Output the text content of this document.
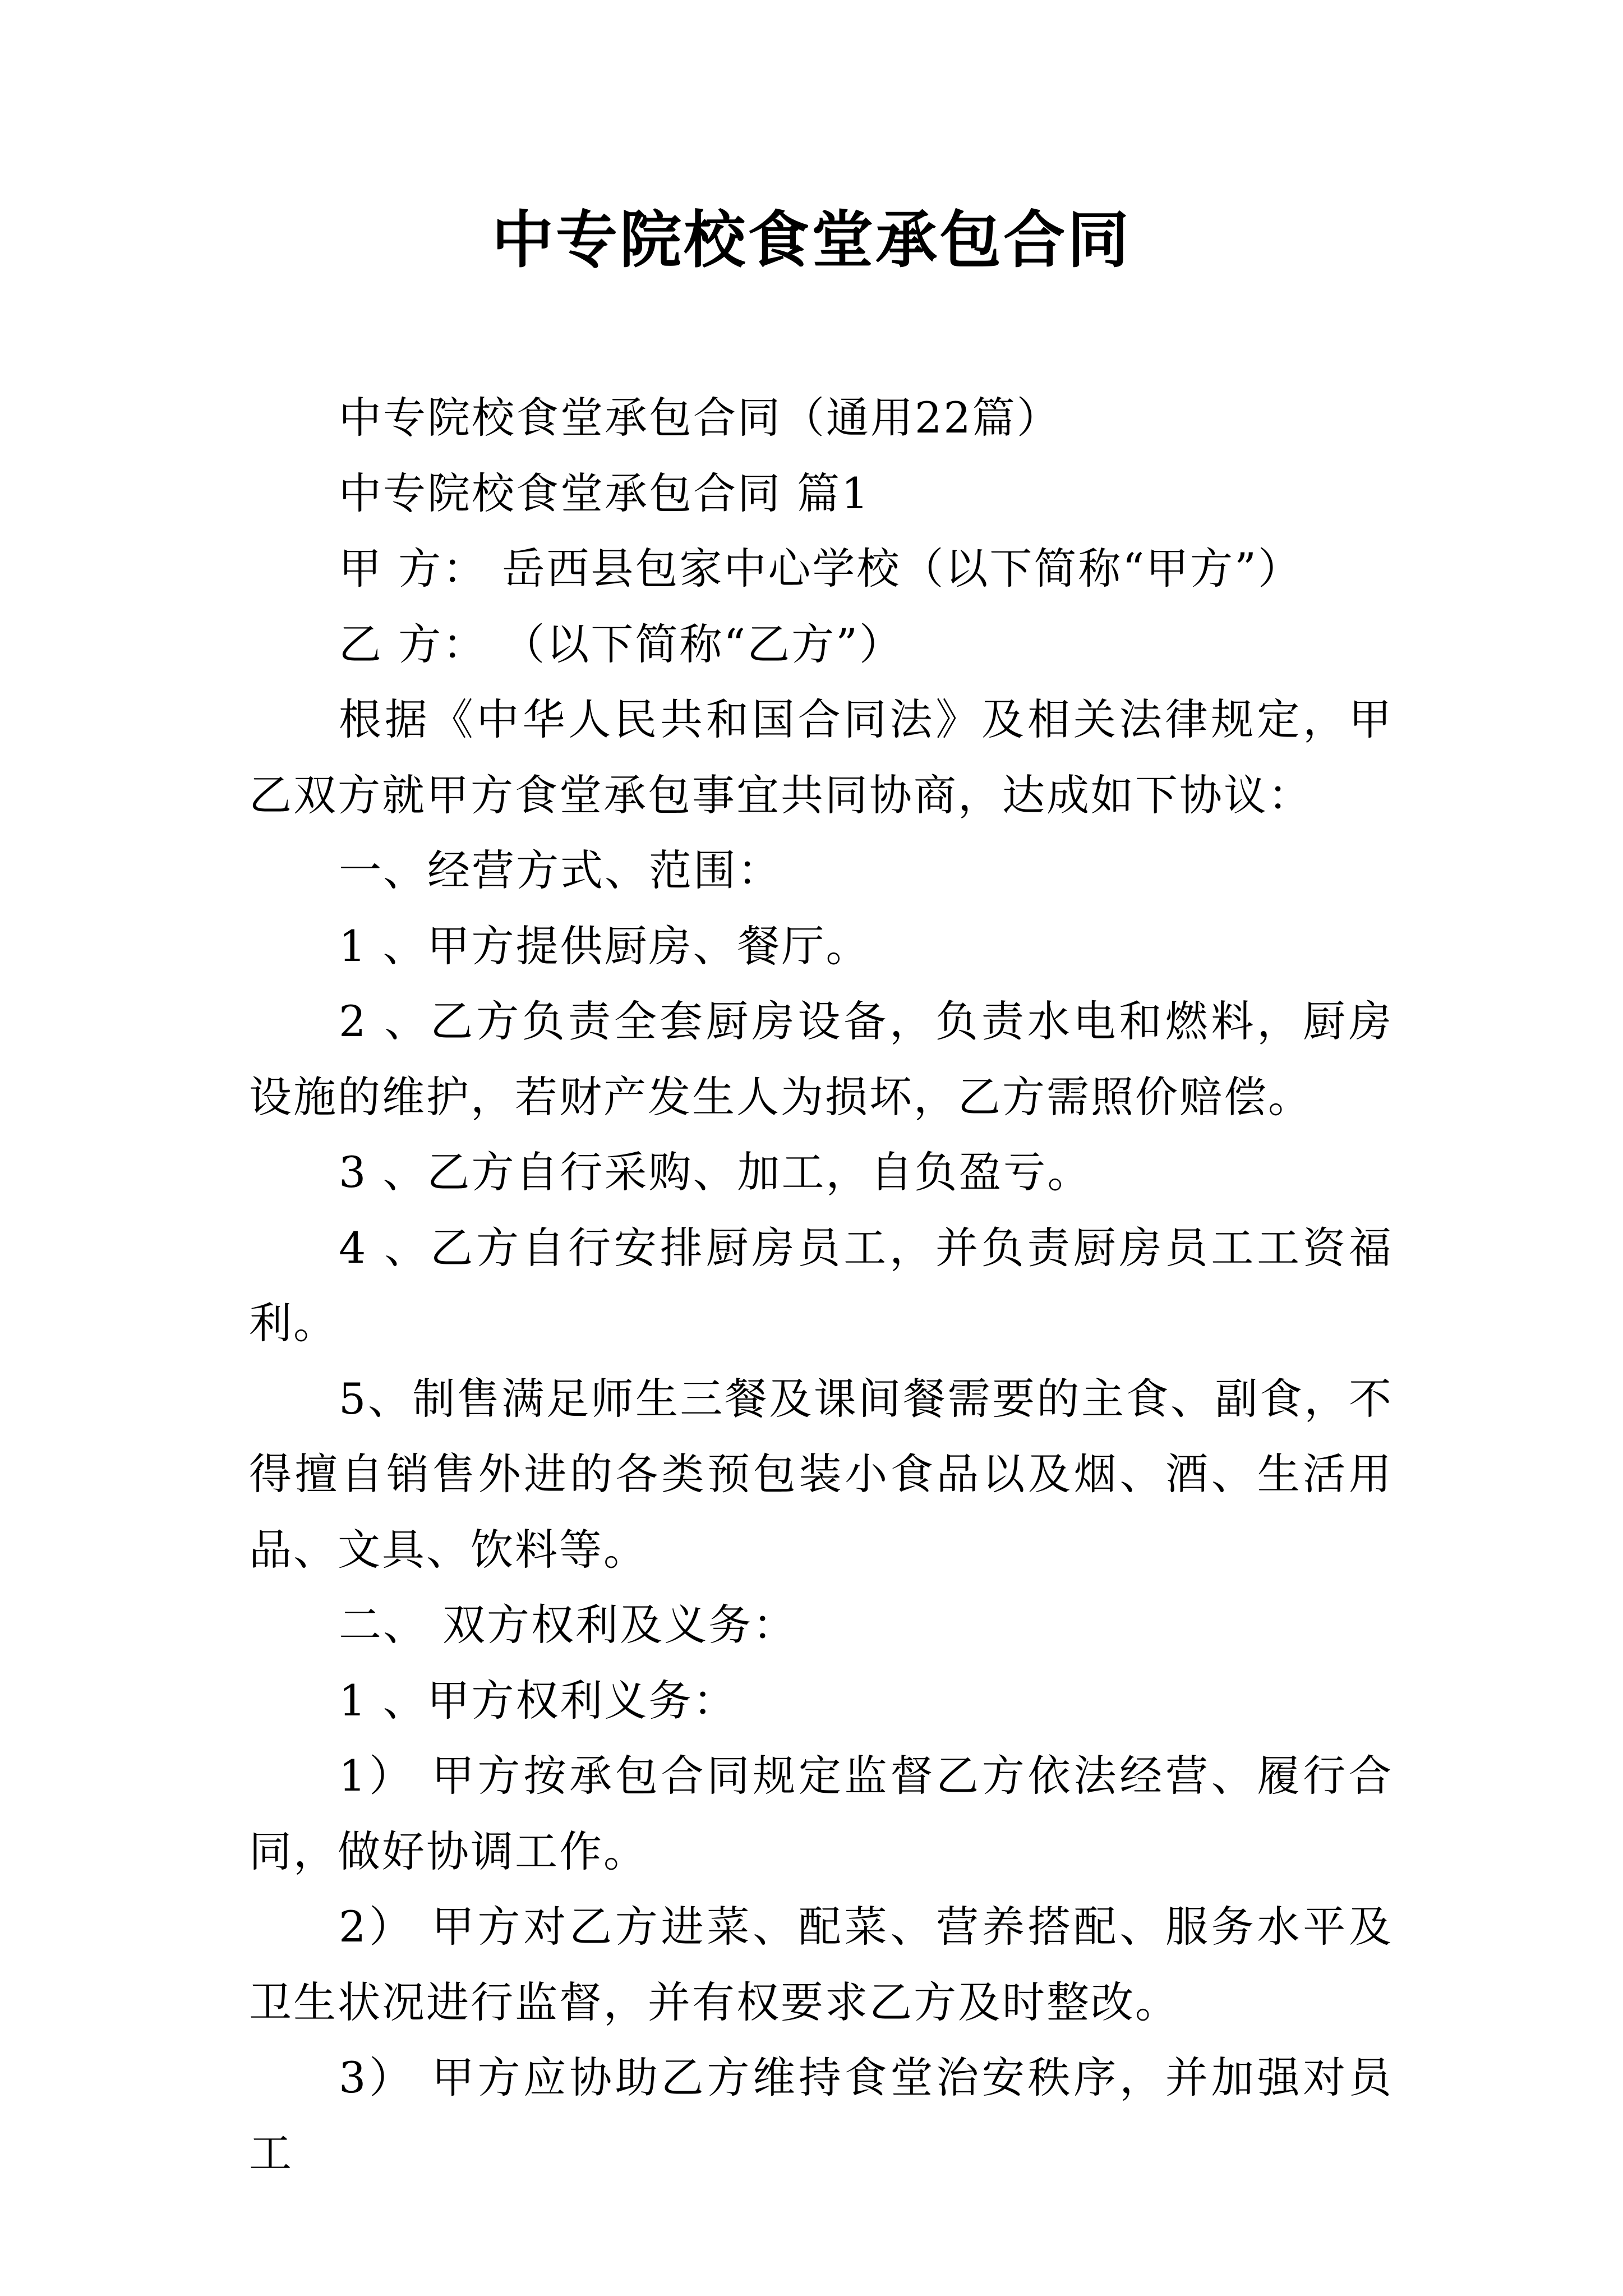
中专院校食堂承包合同

中专院校食堂承包合同（通用22篇）

中专院校食堂承包合同 篇1

甲 方： 岳西县包家中心学校（以下简称“甲方”）

乙 方： （以下简称“乙方”）

根据《中华人民共和国合同法》及相关法律规定，甲乙双方就甲方食堂承包事宜共同协商，达成如下协议：

一、经营方式、范围：

1 、甲方提供厨房、餐厅。

2 、乙方负责全套厨房设备，负责水电和燃料，厨房设施的维护，若财产发生人为损坏，乙方需照价赔偿。

3 、乙方自行采购、加工，自负盈亏。

4 、乙方自行安排厨房员工，并负责厨房员工工资福利。

5、制售满足师生三餐及课间餐需要的主食、副食，不得擅自销售外进的各类预包装小食品以及烟、酒、生活用品、文具、饮料等。

二、 双方权利及义务：

1 、甲方权利义务：

1） 甲方按承包合同规定监督乙方依法经营、履行合同，做好协调工作。

2） 甲方对乙方进菜、配菜、营养搭配、服务水平及卫生状况进行监督，并有权要求乙方及时整改。

3） 甲方应协助乙方维持食堂治安秩序，并加强对员工
